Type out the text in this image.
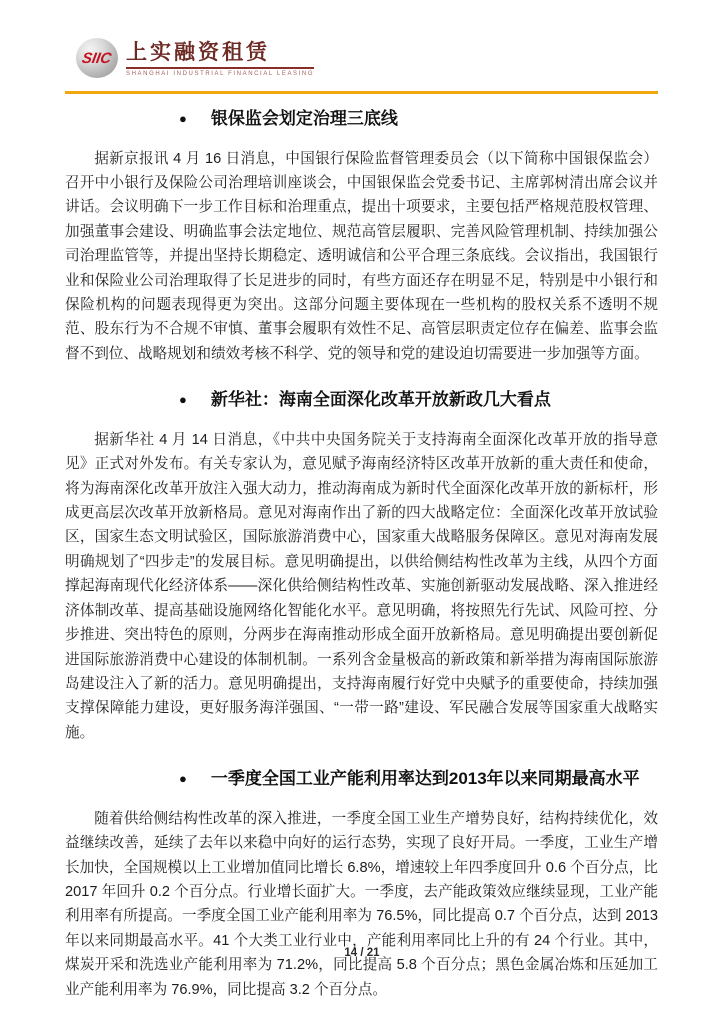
SIIC 上实融资租赁
SHANGHAI INDUSTRIAL FINANCIAL LEASING
● 银保监会划定治理三底线

据新京报讯 4 月 16 日消息，中国银行保险监督管理委员会（以下简称中国银保监会）召开中小银行及保险公司治理培训座谈会，中国银保监会党委书记、主席郭树清出席会议并讲话。会议明确下一步工作目标和治理重点，提出十项要求，主要包括严格规范股权管理、加强董事会建设、明确监事会法定地位、规范高管层履职、完善风险管理机制、持续加强公司治理监管等，并提出坚持长期稳定、透明诚信和公平合理三条底线。会议指出，我国银行业和保险业公司治理取得了长足进步的同时，有些方面还存在明显不足，特别是中小银行和保险机构的问题表现得更为突出。这部分问题主要体现在一些机构的股权关系不透明不规范、股东行为不合规不审慎、董事会履职有效性不足、高管层职责定位存在偏差、监事会监督不到位、战略规划和绩效考核不科学、党的领导和党的建设迫切需要进一步加强等方面。

● 新华社：海南全面深化改革开放新政几大看点

据新华社 4 月 14 日消息，《中共中央国务院关于支持海南全面深化改革开放的指导意见》正式对外发布。有关专家认为，意见赋予海南经济特区改革开放新的重大责任和使命，将为海南深化改革开放注入强大动力，推动海南成为新时代全面深化改革开放的新标杆，形成更高层次改革开放新格局。意见对海南作出了新的四大战略定位：全面深化改革开放试验区，国家生态文明试验区，国际旅游消费中心，国家重大战略服务保障区。意见对海南发展明确规划了“四步走”的发展目标。意见明确提出，以供给侧结构性改革为主线，从四个方面撑起海南现代化经济体系——深化供给侧结构性改革、实施创新驱动发展战略、深入推进经济体制改革、提高基础设施网络化智能化水平。意见明确，将按照先行先试、风险可控、分步推进、突出特色的原则，分两步在海南推动形成全面开放新格局。意见明确提出要创新促进国际旅游消费中心建设的体制机制。一系列含金量极高的新政策和新举措为海南国际旅游岛建设注入了新的活力。意见明确提出，支持海南履行好党中央赋予的重要使命，持续加强支撑保障能力建设，更好服务海洋强国、“一带一路”建设、军民融合发展等国家重大战略实施。

● 一季度全国工业产能利用率达到2013年以来同期最高水平

随着供给侧结构性改革的深入推进，一季度全国工业生产增势良好，结构持续优化，效益继续改善，延续了去年以来稳中向好的运行态势，实现了良好开局。一季度，工业生产增长加快，全国规模以上工业增加值同比增长 6.8%，增速较上年四季度回升 0.6 个百分点，比 2017 年回升 0.2 个百分点。行业增长面扩大。一季度，去产能政策效应继续显现，工业产能利用率有所提高。一季度全国工业产能利用率为 76.5%，同比提高 0.7 个百分点，达到 2013 年以来同期最高水平。41 个大类工业行业中，产能利用率同比上升的有 24 个行业。其中，煤炭开采和洗选业产能利用率为 71.2%，同比提高 5.8 个百分点；黑色金属冶炼和压延加工业产能利用率为 76.9%，同比提高 3.2 个百分点。

14 / 21
